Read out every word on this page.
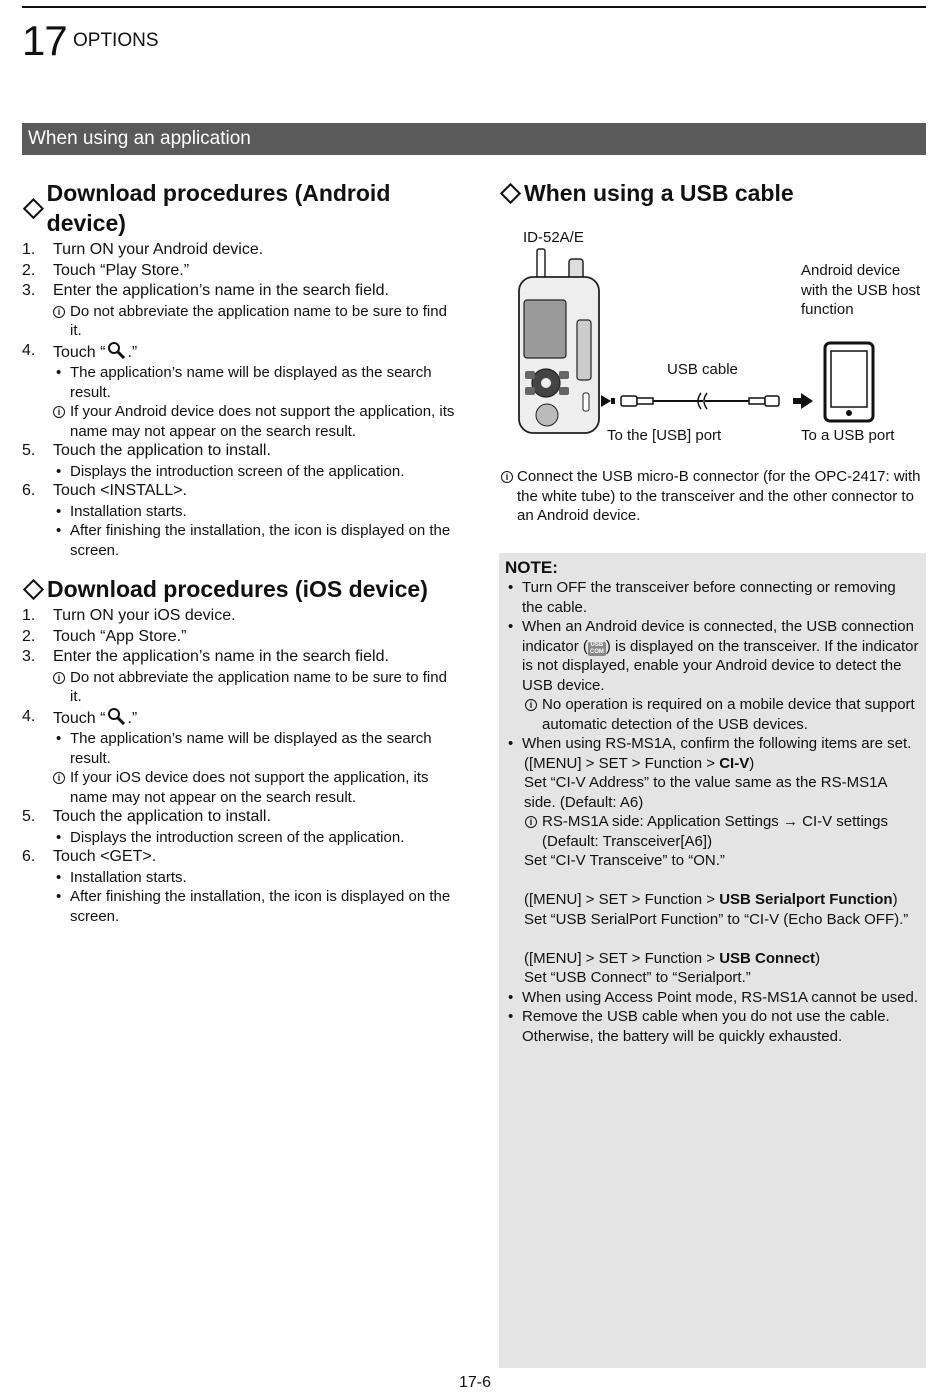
17 OPTIONS
When using an application
Download procedures (Android device)
1. Turn ON your Android device.
2. Touch “Play Store.”
3. Enter the application’s name in the search field.
i Do not abbreviate the application name to be sure to find it.
4. Touch “ .”
• The application’s name will be displayed as the search result.
i If your Android device does not support the application, its name may not appear on the search result.
5. Touch the application to install.
• Displays the introduction screen of the application.
6. Touch <INSTALL>.
• Installation starts.
• After finishing the installation, the icon is displayed on the screen.
Download procedures (iOS device)
1. Turn ON your iOS device.
2. Touch “App Store.”
3. Enter the application’s name in the search field.
i Do not abbreviate the application name to be sure to find it.
4. Touch “ .”
• The application’s name will be displayed as the search result.
i If your iOS device does not support the application, its name may not appear on the search result.
5. Touch the application to install.
• Displays the introduction screen of the application.
6. Touch <GET>.
• Installation starts.
• After finishing the installation, the icon is displayed on the screen.
When using a USB cable
ID-52A/E
Android device with the USB host function
USB cable
To the [USB] port	To a USB port
i Connect the USB micro-B connector (for the OPC-2417: with the white tube) to the transceiver and the other connector to an Android device.
NOTE:
• Turn OFF the transceiver before connecting or removing the cable.
• When an Android device is connected, the USB connection indicator ( USB
COM ) is displayed on the transceiver. If the indicator is not displayed, enable your Android device to detect the USB device.
i No operation is required on a mobile device that support automatic detection of the USB devices.
• When using RS-MS1A, confirm the following items are set.
([MENU] > SET > Function > CI-V)
Set “CI-V Address” to the value same as the RS-MS1A side. (Default: A6)
i RS-MS1A side: Application Settings → CI-V settings (Default: Transceiver[A6])
Set “CI-V Transceive” to “ON.”
([MENU] > SET > Function > USB Serialport Function)
Set “USB SerialPort Function” to “CI-V (Echo Back OFF).”
([MENU] > SET > Function > USB Connect)
Set “USB Connect” to “Serialport.”
• When using Access Point mode, RS-MS1A cannot be used.
• Remove the USB cable when you do not use the cable. Otherwise, the battery will be quickly exhausted.
17-6
